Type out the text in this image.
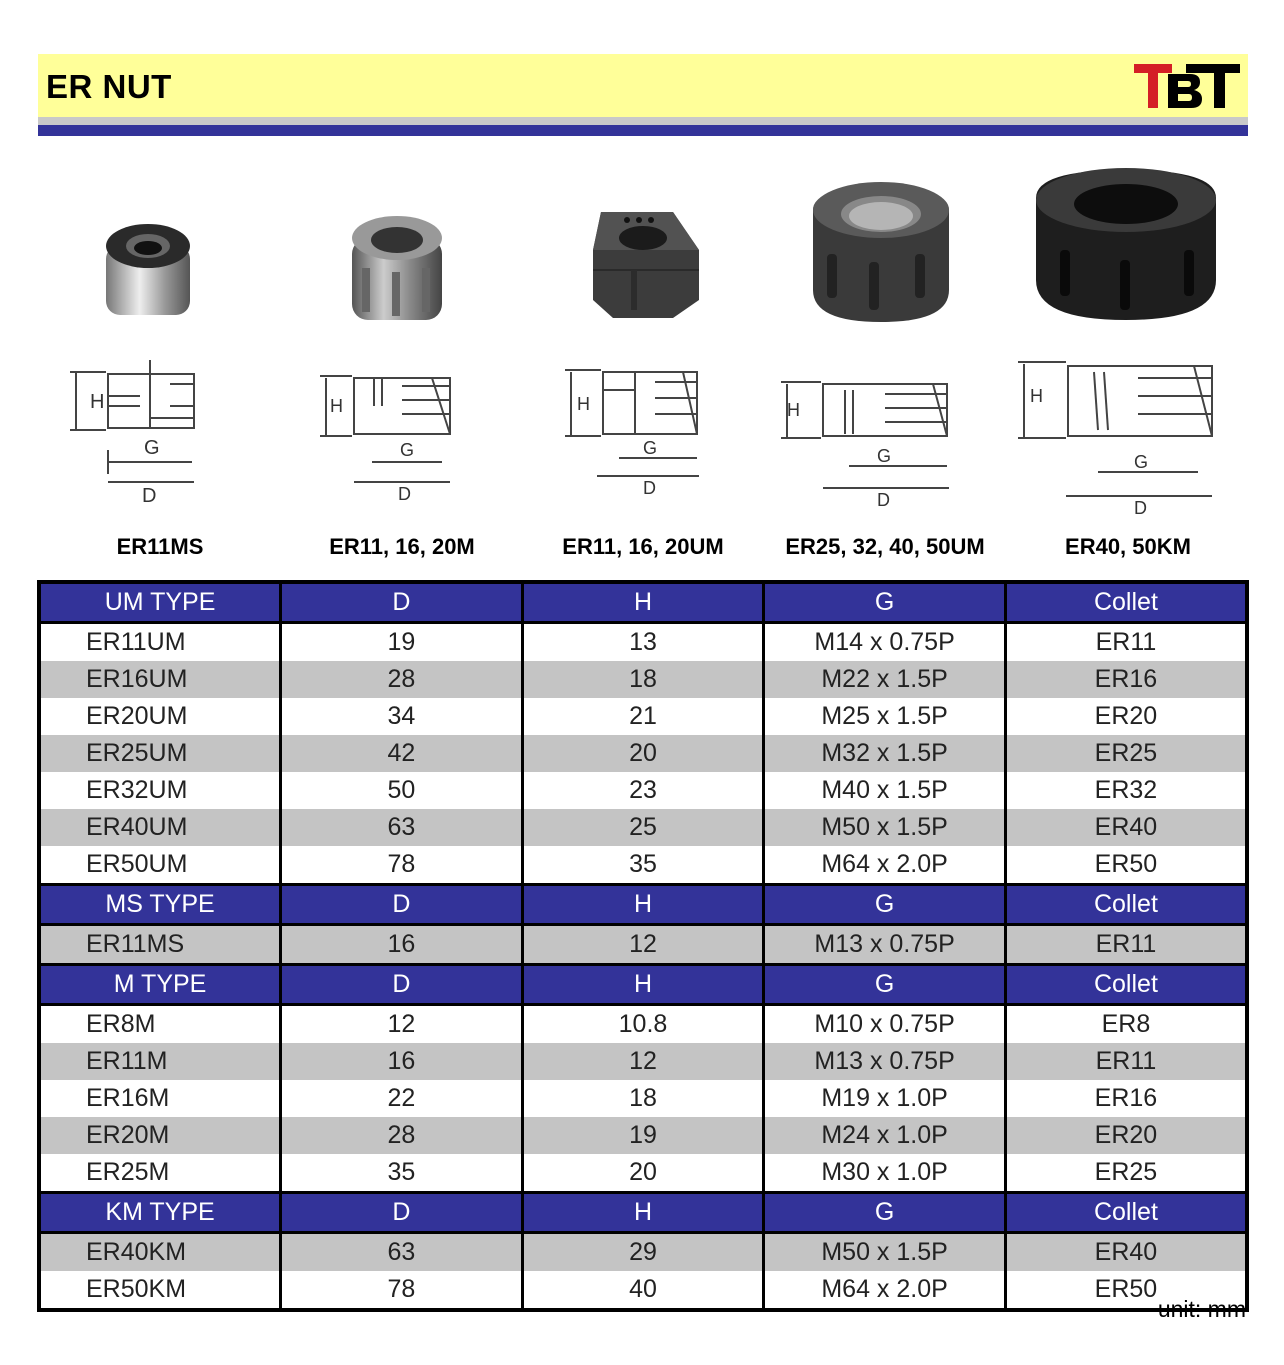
ER NUT
H
G
D
ER11MS
H
G
D
ER11, 16, 20M
H
G
D
ER11, 16, 20UM
H
G
D
ER25, 32, 40, 50UM
H
G
D
ER40, 50KM
UM TYPE	D	H	G	Collet
ER11UM	19	13	M14 x 0.75P	ER11
ER16UM	28	18	M22 x 1.5P	ER16
ER20UM	34	21	M25 x 1.5P	ER20
ER25UM	42	20	M32 x 1.5P	ER25
ER32UM	50	23	M40 x 1.5P	ER32
ER40UM	63	25	M50 x 1.5P	ER40
ER50UM	78	35	M64 x 2.0P	ER50
MS TYPE	D	H	G	Collet
ER11MS	16	12	M13 x 0.75P	ER11
M TYPE	D	H	G	Collet
ER8M	12	10.8	M10 x 0.75P	ER8
ER11M	16	12	M13 x 0.75P	ER11
ER16M	22	18	M19 x 1.0P	ER16
ER20M	28	19	M24 x 1.0P	ER20
ER25M	35	20	M30 x 1.0P	ER25
KM TYPE	D	H	G	Collet
ER40KM	63	29	M50 x 1.5P	ER40
ER50KM	78	40	M64 x 2.0P	ER50
unit: mm
